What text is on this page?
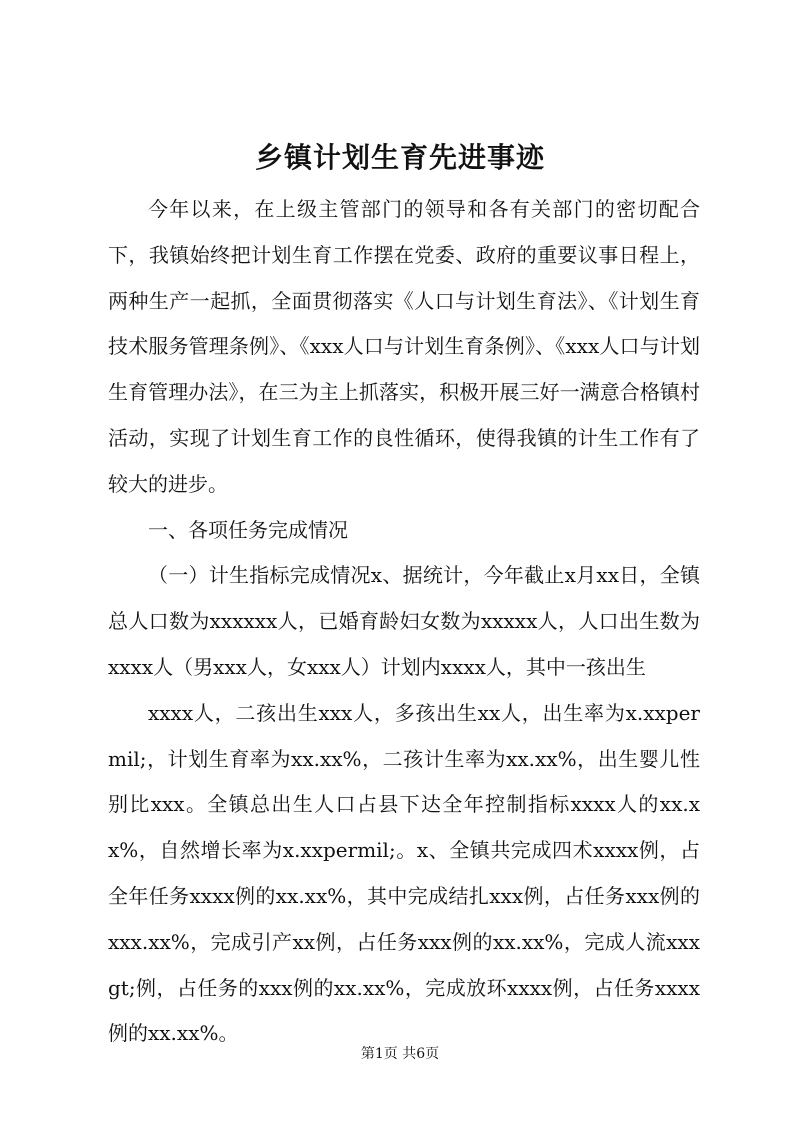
乡镇计划生育先进事迹

今年以来，在上级主管部门的领导和各有关部门的密切配合下，我镇始终把计划生育工作摆在党委、政府的重要议事日程上，两种生产一起抓，全面贯彻落实《人口与计划生育法》、《计划生育技术服务管理条例》、《xxx人口与计划生育条例》、《xxx人口与计划生育管理办法》，在三为主上抓落实，积极开展三好一满意合格镇村活动，实现了计划生育工作的良性循环，使得我镇的计生工作有了较大的进步。

一、各项任务完成情况

（一）计生指标完成情况x、据统计，今年截止x月xx日，全镇总人口数为xxxxxx人，已婚育龄妇女数为xxxxx人，人口出生数为xxxx人（男xxx人，女xxx人）计划内xxxx人，其中一孩出生

xxxx人，二孩出生xxx人，多孩出生xx人，出生率为x.xxpermil;，计划生育率为xx.xx%，二孩计生率为xx.xx%，出生婴儿性别比xxx。全镇总出生人口占县下达全年控制指标xxxx人的xx.xx%，自然增长率为x.xxpermil;。x、全镇共完成四术xxxx例，占全年任务xxxx例的xx.xx%，其中完成结扎xxx例，占任务xxx例的xxx.xx%，完成引产xx例，占任务xxx例的xx.xx%，完成人流xxxgt;例，占任务的xxx例的xx.xx%，完成放环xxxx例，占任务xxxx例的xx.xx%。

第1页 共6页
